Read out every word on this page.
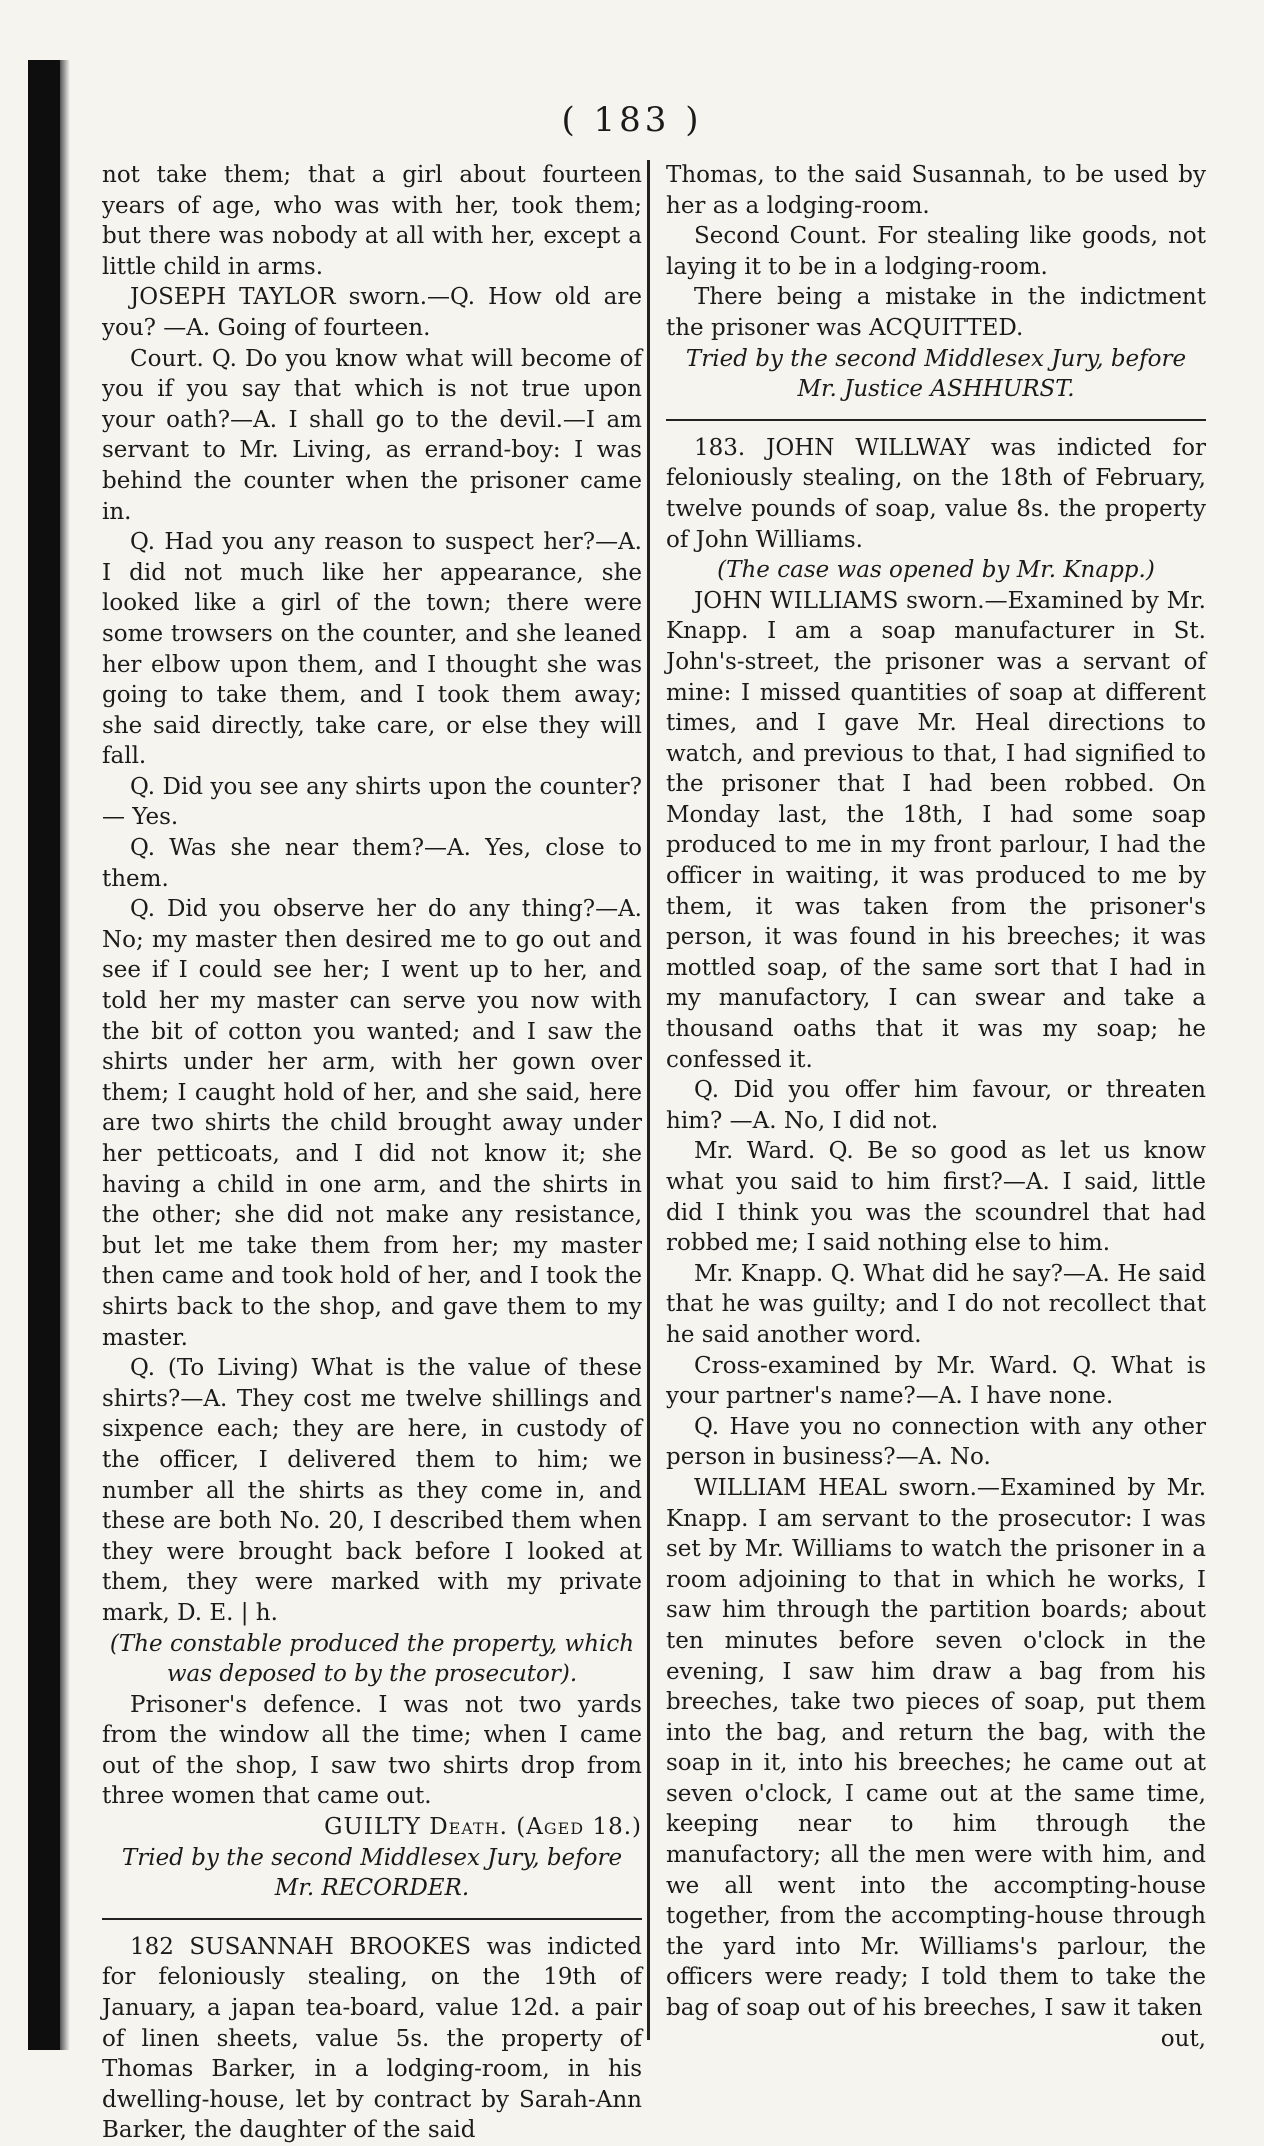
( 183 )

not take them; that a girl about fourteen years of age, who was with her, took them; but there was nobody at all with her, except a little child in arms.

JOSEPH TAYLOR sworn.—Q. How old are you? —A. Going of fourteen.

Court. Q. Do you know what will become of you if you say that which is not true upon your oath?—A. I shall go to the devil.—I am servant to Mr. Living, as errand-boy: I was behind the counter when the prisoner came in.

Q. Had you any reason to suspect her?—A. I did not much like her appearance, she looked like a girl of the town; there were some trowsers on the counter, and she leaned her elbow upon them, and I thought she was going to take them, and I took them away; she said directly, take care, or else they will fall.

Q. Did you see any shirts upon the counter?— Yes.

Q. Was she near them?—A. Yes, close to them.

Q. Did you observe her do any thing?—A. No; my master then desired me to go out and see if I could see her; I went up to her, and told her my master can serve you now with the bit of cotton you wanted; and I saw the shirts under her arm, with her gown over them; I caught hold of her, and she said, here are two shirts the child brought away under her petticoats, and I did not know it; she having a child in one arm, and the shirts in the other; she did not make any resistance, but let me take them from her; my master then came and took hold of her, and I took the shirts back to the shop, and gave them to my master.

Q. (To Living) What is the value of these shirts?—A. They cost me twelve shillings and sixpence each; they are here, in custody of the officer, I delivered them to him; we number all the shirts as they come in, and these are both No. 20, I described them when they were brought back before I looked at them, they were marked with my private mark, D. E. | h.

(The constable produced the property, which was deposed to by the prosecutor).

Prisoner's defence. I was not two yards from the window all the time; when I came out of the shop, I saw two shirts drop from three women that came out.

GUILTY Death. (Aged 18.)

Tried by the second Middlesex Jury, before Mr. RECORDER.

182 SUSANNAH BROOKES was indicted for feloniously stealing, on the 19th of January, a japan tea-board, value 12d. a pair of linen sheets, value 5s. the property of Thomas Barker, in a lodging-room, in his dwelling-house, let by contract by Sarah-Ann Barker, the daughter of the said

Thomas, to the said Susannah, to be used by her as a lodging-room.

Second Count. For stealing like goods, not laying it to be in a lodging-room.

There being a mistake in the indictment the prisoner was ACQUITTED.

Tried by the second Middlesex Jury, before Mr. Justice ASHHURST.

183. JOHN WILLWAY was indicted for feloniously stealing, on the 18th of February, twelve pounds of soap, value 8s. the property of John Williams.

(The case was opened by Mr. Knapp.)

JOHN WILLIAMS sworn.—Examined by Mr. Knapp. I am a soap manufacturer in St. John's-street, the prisoner was a servant of mine: I missed quantities of soap at different times, and I gave Mr. Heal directions to watch, and previous to that, I had signified to the prisoner that I had been robbed. On Monday last, the 18th, I had some soap produced to me in my front parlour, I had the officer in waiting, it was produced to me by them, it was taken from the prisoner's person, it was found in his breeches; it was mottled soap, of the same sort that I had in my manufactory, I can swear and take a thousand oaths that it was my soap; he confessed it.

Q. Did you offer him favour, or threaten him? —A. No, I did not.

Mr. Ward. Q. Be so good as let us know what you said to him first?—A. I said, little did I think you was the scoundrel that had robbed me; I said nothing else to him.

Mr. Knapp. Q. What did he say?—A. He said that he was guilty; and I do not recollect that he said another word.

Cross-examined by Mr. Ward. Q. What is your partner's name?—A. I have none.

Q. Have you no connection with any other person in business?—A. No.

WILLIAM HEAL sworn.—Examined by Mr. Knapp. I am servant to the prosecutor: I was set by Mr. Williams to watch the prisoner in a room adjoining to that in which he works, I saw him through the partition boards; about ten minutes before seven o'clock in the evening, I saw him draw a bag from his breeches, take two pieces of soap, put them into the bag, and return the bag, with the soap in it, into his breeches; he came out at seven o'clock, I came out at the same time, keeping near to him through the manufactory; all the men were with him, and we all went into the accompting-house together, from the accompting-house through the yard into Mr. Williams's parlour, the officers were ready; I told them to take the bag of soap out of his breeches, I saw it taken

out,
